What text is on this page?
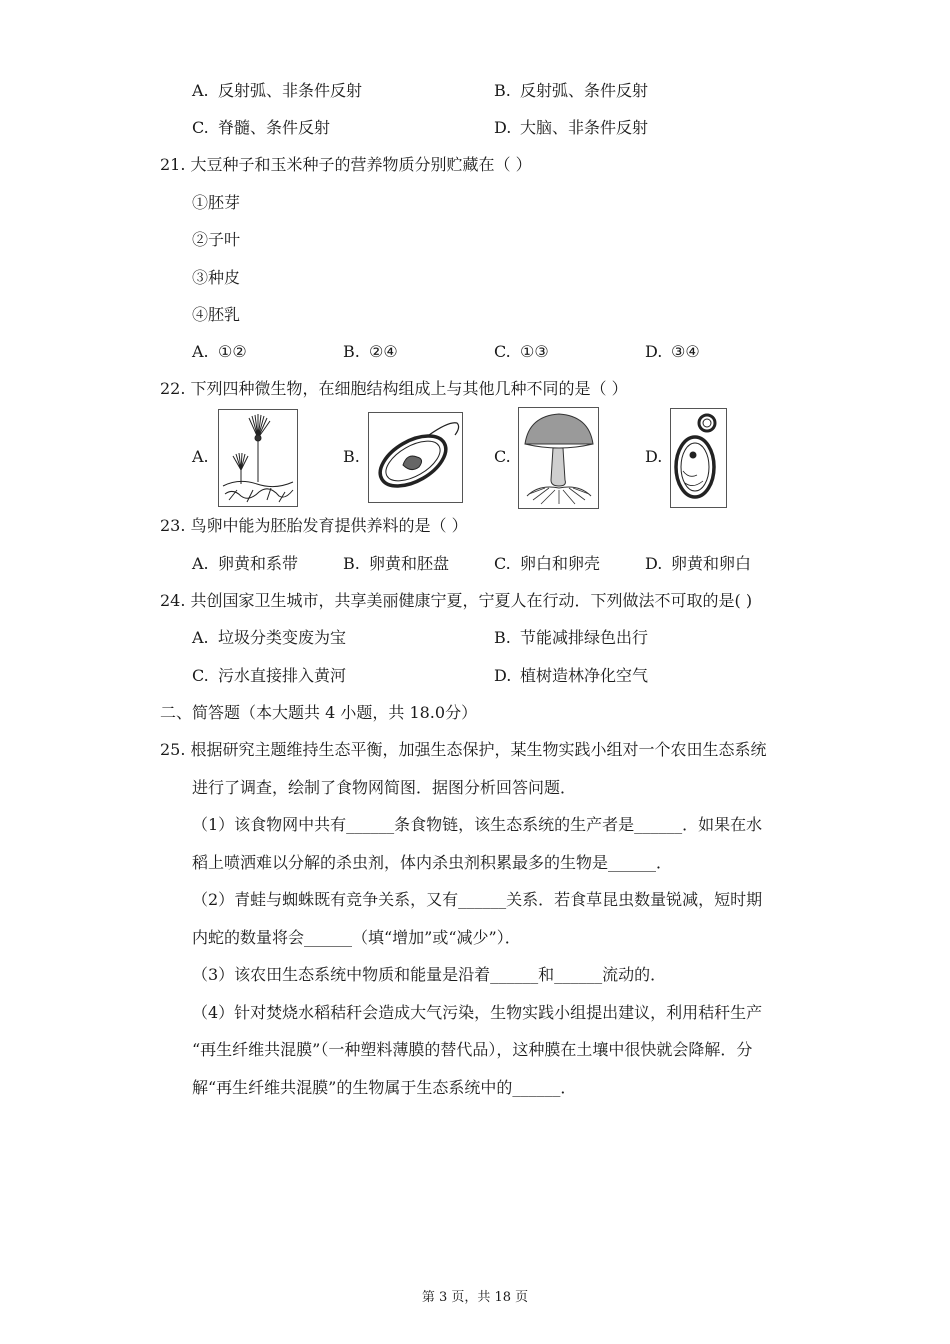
A. 反射弧、非条件反射	B. 反射弧、条件反射
C. 脊髓、条件反射	D. 大脑、非条件反射
21. 大豆种子和玉米种子的营养物质分别贮藏在（ ）
①胚芽
②子叶
③种皮
④胚乳
A. ①②	B. ②④	C. ①③	D. ③④
22. 下列四种微生物，在细胞结构组成上与其他几种不同的是（ ）
A.	B.	C.	D.
23. 鸟卵中能为胚胎发育提供养料的是（ ）
A. 卵黄和系带	B. 卵黄和胚盘	C. 卵白和卵壳	D. 卵黄和卵白
24. 共创国家卫生城市，共享美丽健康宁夏，宁夏人在行动．下列做法不可取的是( )
A. 垃圾分类变废为宝	B. 节能减排绿色出行
C. 污水直接排入黄河	D. 植树造林净化空气
二、简答题（本大题共 4 小题，共 18.0分）
25. 根据研究主题维持生态平衡，加强生态保护，某生物实践小组对一个农田生态系统
进行了调查，绘制了食物网简图．据图分析回答问题．
（1）该食物网中共有______条食物链，该生态系统的生产者是______．如果在水
稻上喷洒难以分解的杀虫剂，体内杀虫剂积累最多的生物是______．
（2）青蛙与蜘蛛既有竞争关系，又有______关系．若食草昆虫数量锐减，短时期
内蛇的数量将会______（填“增加”或“减少”）．
（3）该农田生态系统中物质和能量是沿着______和______流动的．
（4）针对焚烧水稻秸秆会造成大气污染，生物实践小组提出建议，利用秸秆生产
“再生纤维共混膜”（一种塑料薄膜的替代品），这种膜在土壤中很快就会降解．分
解“再生纤维共混膜”的生物属于生态系统中的______．
第 3 页，共 18 页
